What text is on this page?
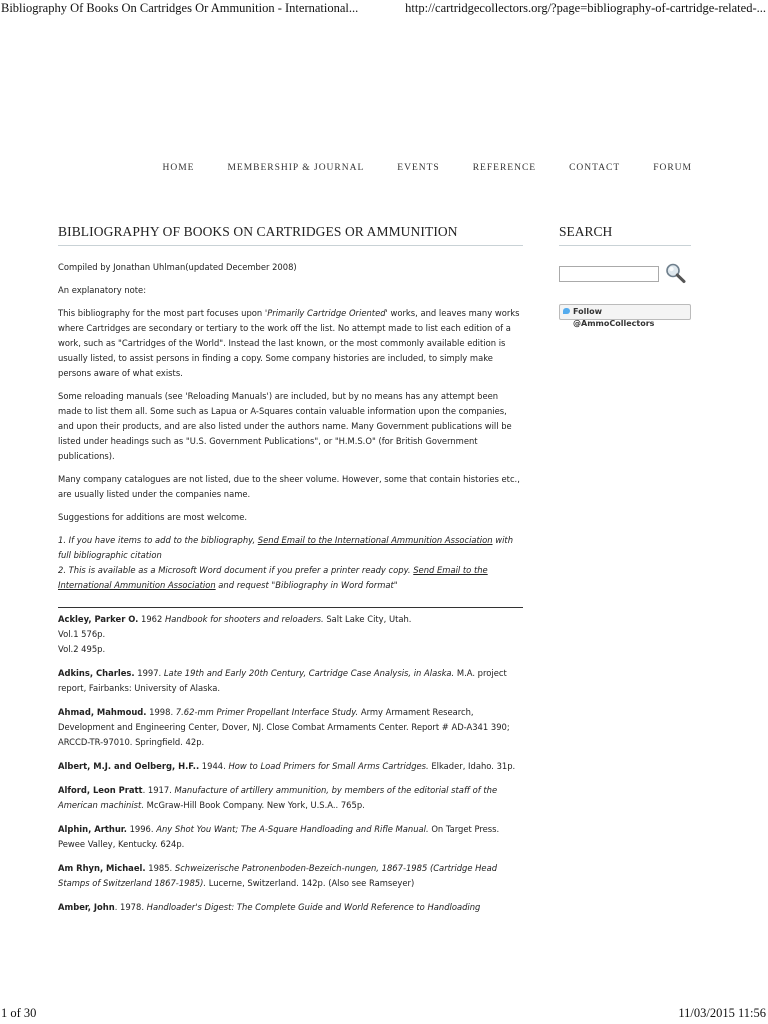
Bibliography Of Books On Cartridges Or Ammunition - International...	http://cartridgecollectors.org/?page=bibliography-of-cartridge-related-...
HOME	MEMBERSHIP & JOURNAL	EVENTS	REFERENCE	CONTACT	FORUM
BIBLIOGRAPHY OF BOOKS ON CARTRIDGES OR AMMUNITION

Compiled by Jonathan Uhlman(updated December 2008)

An explanatory note:

This bibliography for the most part focuses upon 'Primarily Cartridge Oriented' works, and leaves many works where Cartridges are secondary or tertiary to the work off the list. No attempt made to list each edition of a work, such as "Cartridges of the World". Instead the last known, or the most commonly available edition is usually listed, to assist persons in finding a copy. Some company histories are included, to simply make persons aware of what exists.

Some reloading manuals (see 'Reloading Manuals') are included, but by no means has any attempt been made to list them all. Some such as Lapua or A-Squares contain valuable information upon the companies, and upon their products, and are also listed under the authors name. Many Government publications will be listed under headings such as "U.S. Government Publications", or "H.M.S.O" (for British Government publications).

Many company catalogues are not listed, due to the sheer volume. However, some that contain histories etc., are usually listed under the companies name.

Suggestions for additions are most welcome.

1. If you have items to add to the bibliography, Send Email to the International Ammunition Association with full bibliographic citation
2. This is available as a Microsoft Word document if you prefer a printer ready copy. Send Email to the International Ammunition Association and request "Bibliography in Word format"
Ackley, Parker O. 1962 Handbook for shooters and reloaders. Salt Lake City, Utah.
Vol.1 576p.
Vol.2 495p.
Adkins, Charles. 1997. Late 19th and Early 20th Century, Cartridge Case Analysis, in Alaska. M.A. project report, Fairbanks: University of Alaska.
Ahmad, Mahmoud. 1998. 7.62-mm Primer Propellant Interface Study. Army Armament Research, Development and Engineering Center, Dover, NJ. Close Combat Armaments Center. Report # AD-A341 390; ARCCD-TR-97010. Springfield. 42p.
Albert, M.J. and Oelberg, H.F.. 1944. How to Load Primers for Small Arms Cartridges. Elkader, Idaho. 31p.
Alford, Leon Pratt. 1917. Manufacture of artillery ammunition, by members of the editorial staff of the American machinist. McGraw-Hill Book Company. New York, U.S.A.. 765p.
Alphin, Arthur. 1996. Any Shot You Want; The A-Square Handloading and Rifle Manual. On Target Press. Pewee Valley, Kentucky. 624p.
Am Rhyn, Michael. 1985. Schweizerische Patronenboden-Bezeich-nungen, 1867-1985 (Cartridge Head Stamps of Switzerland 1867-1985). Lucerne, Switzerland. 142p. (Also see Ramseyer)
Amber, John. 1978. Handloader's Digest: The Complete Guide and World Reference to Handloading
SEARCH
Follow @AmmoCollectors
1 of 30	11/03/2015 11:56
